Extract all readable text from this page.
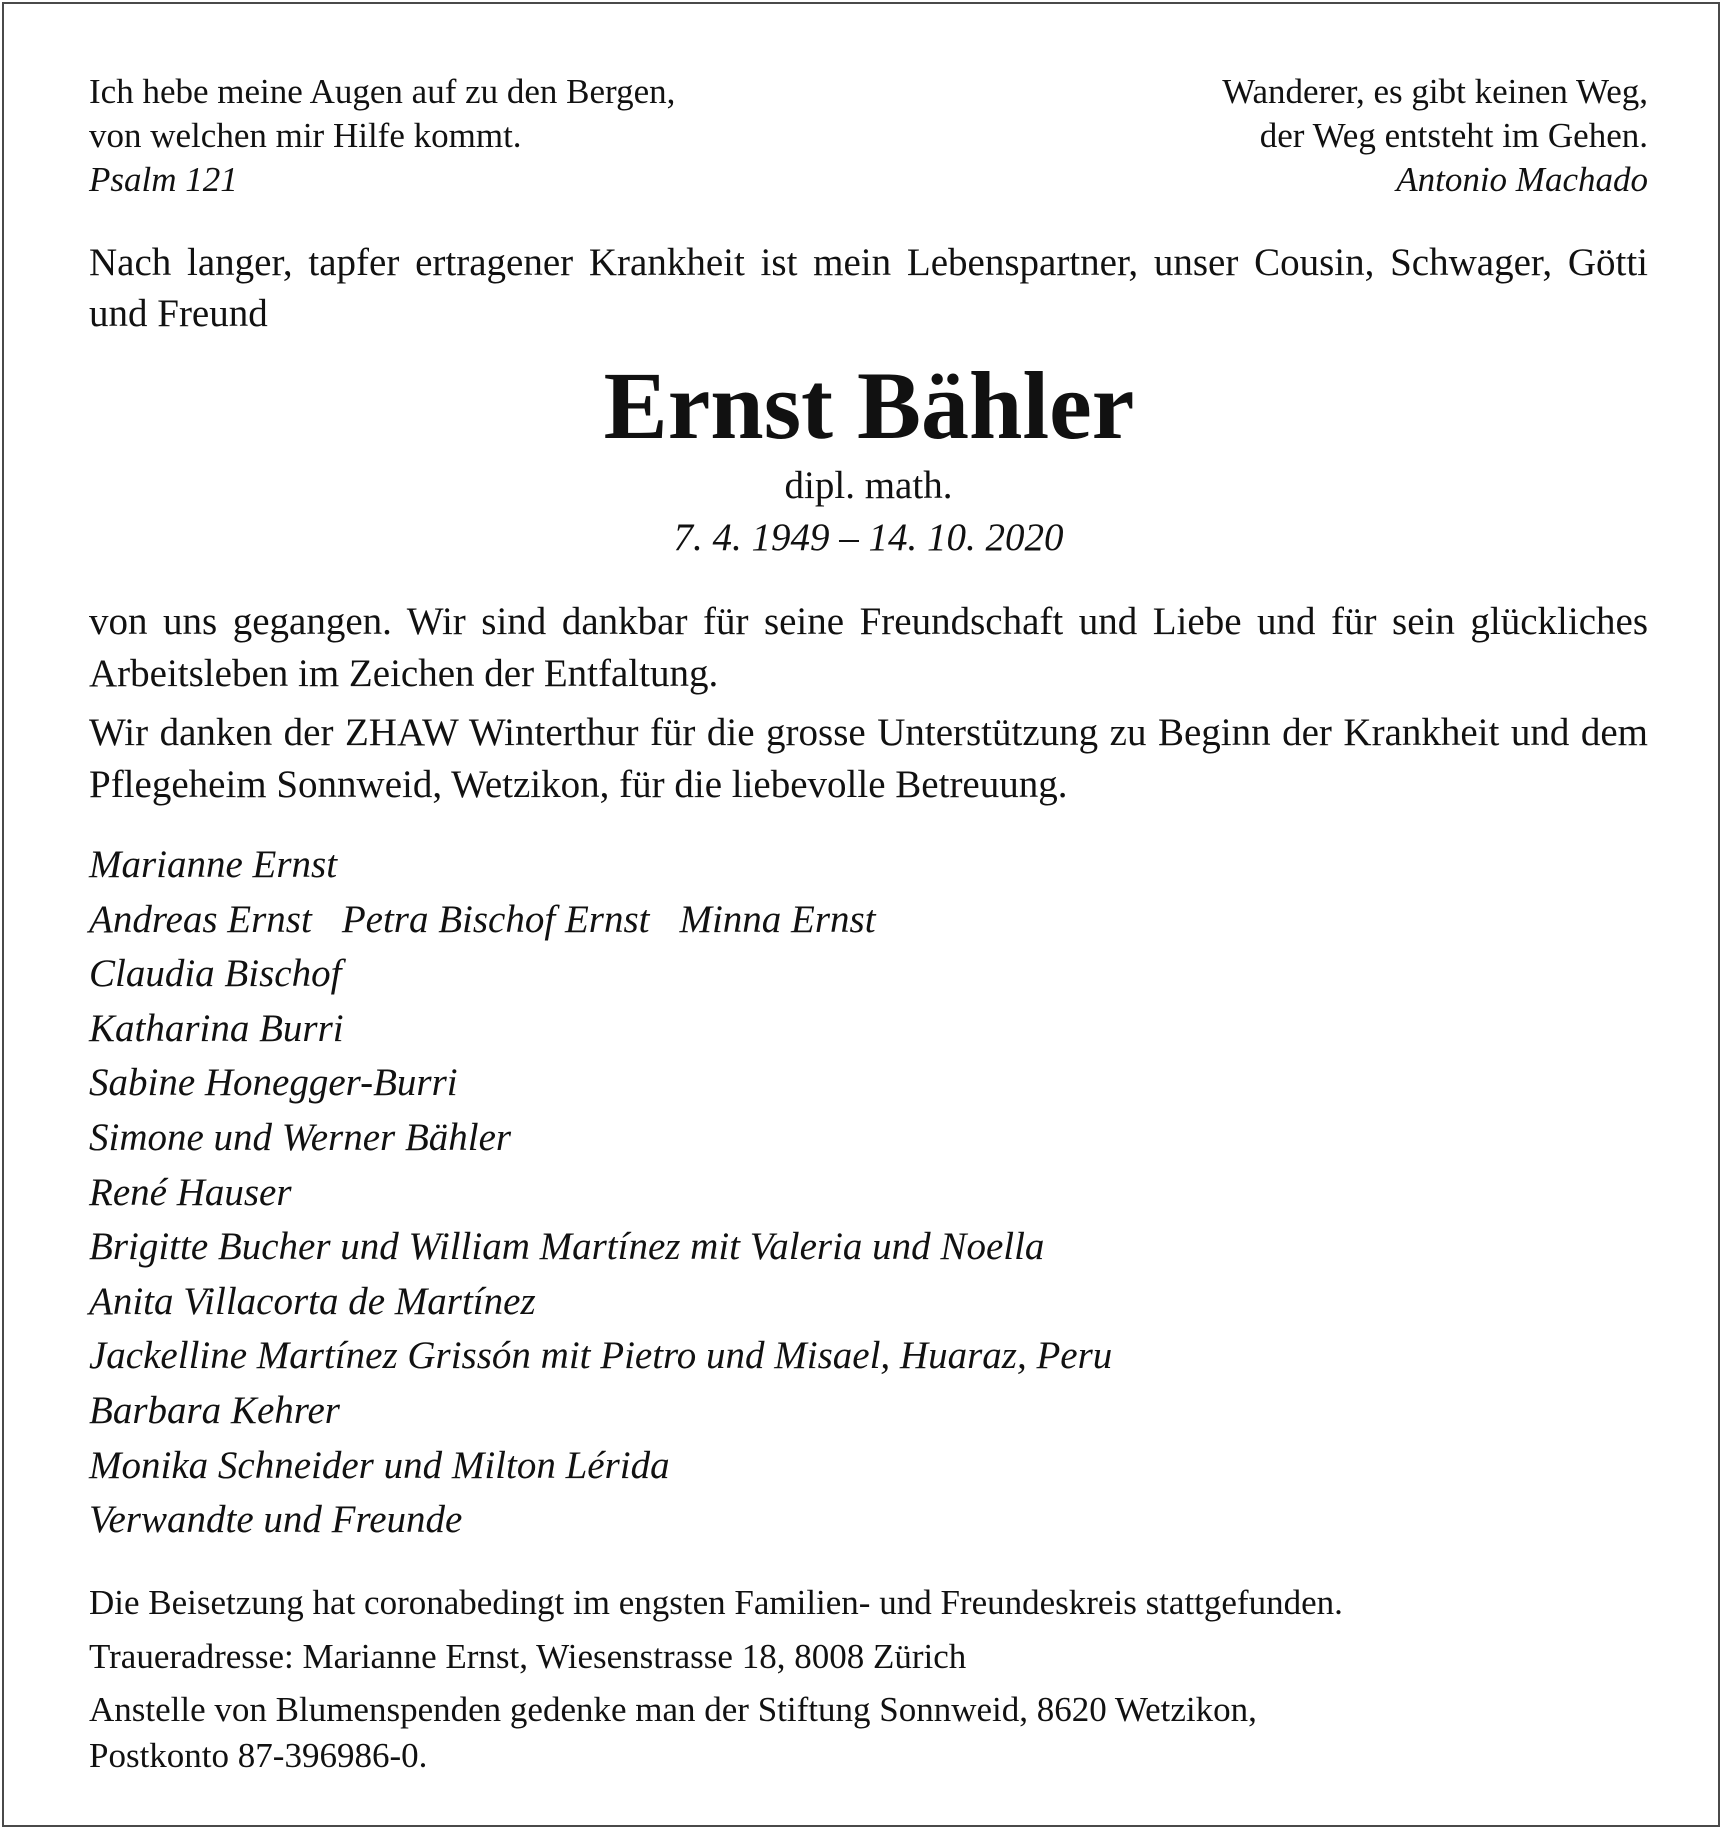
Ich hebe meine Augen auf zu den Bergen,
von welchen mir Hilfe kommt.
Psalm 121
Wanderer, es gibt keinen Weg,
der Weg entsteht im Gehen.
Antonio Machado
Nach langer, tapfer ertragener Krankheit ist mein Lebenspartner, unser Cousin, Schwager, Götti und Freund
Ernst Bähler
dipl. math.
7. 4. 1949 – 14. 10. 2020
von uns gegangen. Wir sind dankbar für seine Freundschaft und Liebe und für sein glückliches Arbeitsleben im Zeichen der Entfaltung.
Wir danken der ZHAW Winterthur für die grosse Unterstützung zu Beginn der Krankheit und dem Pflegeheim Sonnweid, Wetzikon, für die liebevolle Betreuung.
Marianne Ernst
Andreas Ernst Petra Bischof Ernst Minna Ernst
Claudia Bischof
Katharina Burri
Sabine Honegger-Burri
Simone und Werner Bähler
René Hauser
Brigitte Bucher und William Martínez mit Valeria und Noella
Anita Villacorta de Martínez
Jackelline Martínez Grissón mit Pietro und Misael, Huaraz, Peru
Barbara Kehrer
Monika Schneider und Milton Lérida
Verwandte und Freunde
Die Beisetzung hat coronabedingt im engsten Familien- und Freundeskreis stattgefunden.
Traueradresse: Marianne Ernst, Wiesenstrasse 18, 8008 Zürich
Anstelle von Blumenspenden gedenke man der Stiftung Sonnweid, 8620 Wetzikon,
Postkonto 87-396986-0.
